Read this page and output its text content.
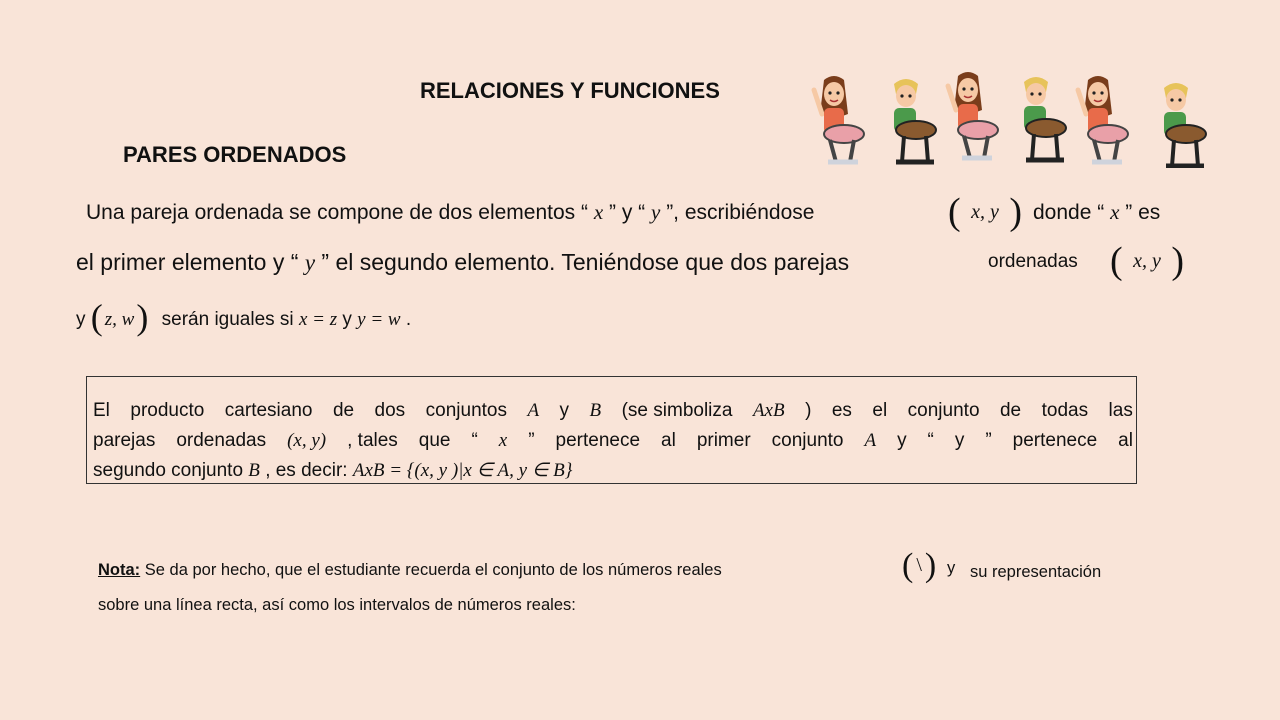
RELACIONES Y FUNCIONES
PARES ORDENADOS
Una pareja ordenada se compone de dos elementos “ x ” y “ y ”, escribiéndose	( x, y ) donde “ x ” es
el primer elemento y “ y ” el segundo elemento. Teniéndose que dos parejas	ordenadas ( x, y )
y ( z, w) serán iguales si x = z y y = w .
El producto cartesiano de dos conjuntos A y B (se simboliza AxB ) es el conjunto de todas las
parejas ordenadas (x, y) , tales que “ x ” pertenece al primer conjunto A y “ y ” pertenece al
segundo conjunto B , es decir: AxB = {(x, y )|x ∈ A, y ∈ B}
Nota: Se da por hecho, que el estudiante recuerda el conjunto de los números reales	( \) y su representación
sobre una línea recta, así como los intervalos de números reales:
